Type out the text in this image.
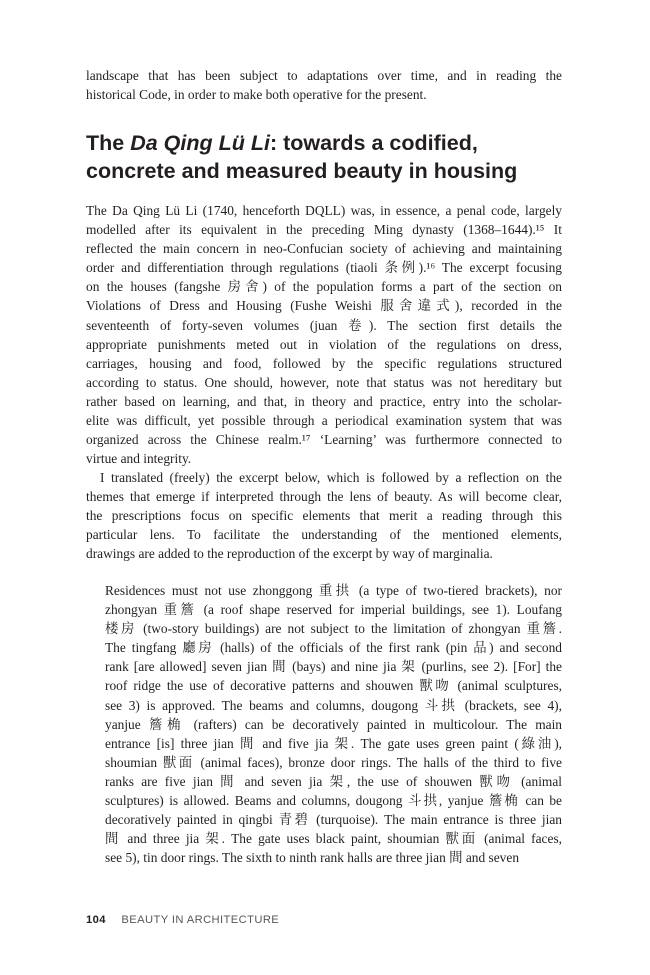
landscape that has been subject to adaptations over time, and in reading the
historical Code, in order to make both operative for the present.

The Da Qing Lü Li: towards a codified,
concrete and measured beauty in housing

The Da Qing Lü Li (1740, henceforth DQLL) was, in essence, a penal code, largely
modelled after its equivalent in the preceding Ming dynasty (1368–1644).¹⁵ It
reflected the main concern in neo-Confucian society of achieving and maintaining
order and differentiation through regulations (tiaoli 条例).¹⁶ The excerpt focusing
on the houses (fangshe 房舍) of the population forms a part of the section on
Violations of Dress and Housing (Fushe Weishi 服舍違式), recorded in the
seventeenth of forty-seven volumes (juan 卷). The section first details the
appropriate punishments meted out in violation of the regulations on dress,
carriages, housing and food, followed by the specific regulations structured
according to status. One should, however, note that status was not hereditary but
rather based on learning, and that, in theory and practice, entry into the scholar-
elite was difficult, yet possible through a periodical examination system that was
organized across the Chinese realm.¹⁷ ‘Learning’ was furthermore connected to
virtue and integrity.

I translated (freely) the excerpt below, which is followed by a reflection on the
themes that emerge if interpreted through the lens of beauty. As will become clear,
the prescriptions focus on specific elements that merit a reading through this
particular lens. To facilitate the understanding of the mentioned elements,
drawings are added to the reproduction of the excerpt by way of marginalia.

Residences must not use zhonggong 重拱 (a type of two-tiered brackets), nor
zhongyan 重簷 (a roof shape reserved for imperial buildings, see 1). Loufang
楼房 (two-story buildings) are not subject to the limitation of zhongyan 重簷.
The tingfang 廳房 (halls) of the officials of the first rank (pin 品) and second
rank [are allowed] seven jian 間 (bays) and nine jia 架 (purlins, see 2). [For] the
roof ridge the use of decorative patterns and shouwen 獸吻 (animal sculptures,
see 3) is approved. The beams and columns, dougong 斗拱 (brackets, see 4),
yanjue 簷桷 (rafters) can be decoratively painted in multicolour. The main
entrance [is] three jian 間 and five jia 架. The gate uses green paint (綠油),
shoumian 獸面 (animal faces), bronze door rings. The halls of the third to five
ranks are five jian 間 and seven jia 架, the use of shouwen 獸吻 (animal
sculptures) is allowed. Beams and columns, dougong 斗拱, yanjue 簷桷 can be
decoratively painted in qingbi 青碧 (turquoise). The main entrance is three jian
間 and three jia 架. The gate uses black paint, shoumian 獸面 (animal faces,
see 5), tin door rings. The sixth to ninth rank halls are three jian 間 and seven

104 BEAUTY IN ARCHITECTURE
